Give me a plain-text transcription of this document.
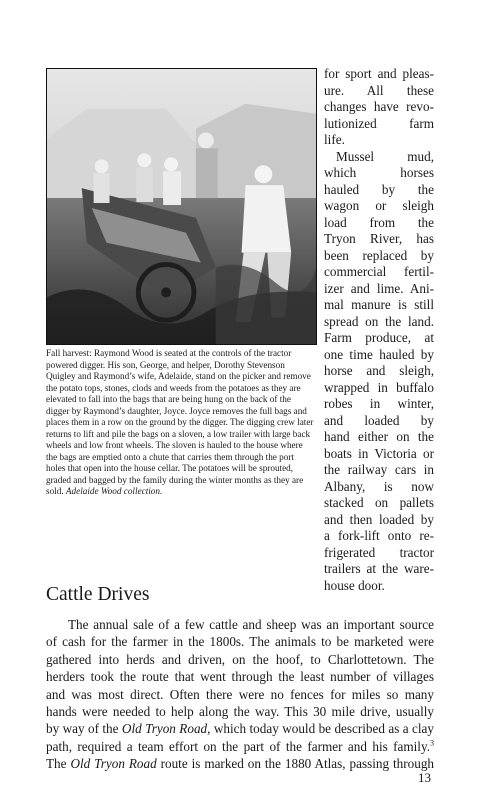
Fall harvest: Raymond Wood is seated at the controls of the tractor powered digger. His son, George, and helper, Dorothy Stevenson Quigley and Raymond’s wife, Adelaide, stand on the picker and remove the potato tops, stones, clods and weeds from the potatoes as they are elevated to fall into the bags that are being hung on the back of the digger by Raymond’s daughter, Joyce. Joyce removes the full bags and places them in a row on the ground by the digger. The digging crew later returns to lift and pile the bags on a sloven, a low trailer with large back wheels and low front wheels. The sloven is hauled to the house where the bags are emptied onto a chute that carries them through the port holes that open into the house cellar. The potatoes will be sprouted, graded and bagged by the family during the winter months as they are sold. Adelaide Wood collection.

for sport and pleas-
ure. All these
changes have revo-
lutionized farm
life.
Mussel mud,
which horses
hauled by the
wagon or sleigh
load from the
Tryon River, has
been replaced by
commercial fertil-
izer and lime. Ani-
mal manure is still
spread on the land.
Farm produce, at
one time hauled by
horse and sleigh,
wrapped in buffalo
robes in winter,
and loaded by
hand either on the
boats in Victoria or
the railway cars in
Albany, is now
stacked on pallets
and then loaded by
a fork-lift onto re-
frigerated tractor
trailers at the ware-
house door.
Cattle Drives
The annual sale of a few cattle and sheep was an important source
of cash for the farmer in the 1800s. The animals to be marketed were
gathered into herds and driven, on the hoof, to Charlottetown. The
herders took the route that went through the least number of villages
and was most direct. Often there were no fences for miles so many
hands were needed to help along the way. This 30 mile drive, usually
by way of the Old Tryon Road, which today would be described as a clay
path, required a team effort on the part of the farmer and his family.$^3$
The Old Tryon Road route is marked on the 1880 Atlas, passing through
13
